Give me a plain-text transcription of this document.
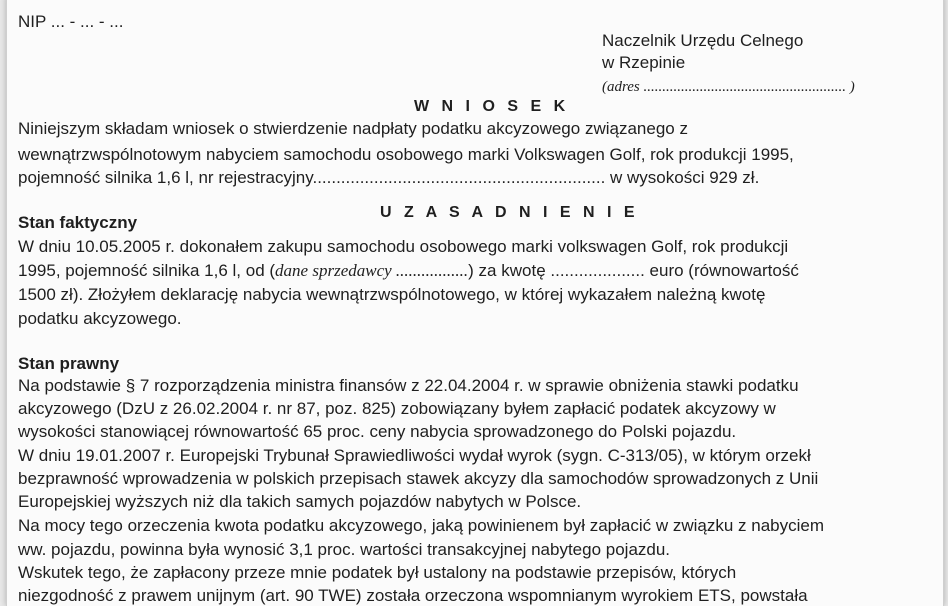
NIP ... - ... - ...
Naczelnik Urzędu Celnego
w Rzepinie
(adres ...................................................... )
W N I O S E K
Niniejszym składam wniosek o stwierdzenie nadpłaty podatku akcyzowego związanego z
wewnątrzwspólnotowym nabyciem samochodu osobowego marki Volkswagen Golf, rok produkcji 1995,
pojemność silnika 1,6 l, nr rejestracyjny.............................................................. w wysokości 929 zł.
U Z A S A D N I E N I E
Stan faktyczny
W dniu 10.05.2005 r. dokonałem zakupu samochodu osobowego marki volkswagen Golf, rok produkcji
1995, pojemność silnika 1,6 l, od (dane sprzedawcy .................) za kwotę .................... euro (równowartość
1500 zł). Złożyłem deklarację nabycia wewnątrzwspólnotowego, w której wykazałem należną kwotę
podatku akcyzowego.
Stan prawny
Na podstawie § 7 rozporządzenia ministra finansów z 22.04.2004 r. w sprawie obniżenia stawki podatku
akcyzowego (DzU z 26.02.2004 r. nr 87, poz. 825) zobowiązany byłem zapłacić podatek akcyzowy w
wysokości stanowiącej równowartość 65 proc. ceny nabycia sprowadzonego do Polski pojazdu.
W dniu 19.01.2007 r. Europejski Trybunał Sprawiedliwości wydał wyrok (sygn. C-313/05), w którym orzekł
bezprawność wprowadzenia w polskich przepisach stawek akcyzy dla samochodów sprowadzonych z Unii
Europejskiej wyższych niż dla takich samych pojazdów nabytych w Polsce.
Na mocy tego orzeczenia kwota podatku akcyzowego, jaką powinienem był zapłacić w związku z nabyciem
ww. pojazdu, powinna była wynosić 3,1 proc. wartości transakcyjnej nabytego pojazdu.
Wskutek tego, że zapłacony przeze mnie podatek był ustalony na podstawie przepisów, których
niezgodność z prawem unijnym (art. 90 TWE) została orzeczona wspomnianym wyrokiem ETS, powstała
